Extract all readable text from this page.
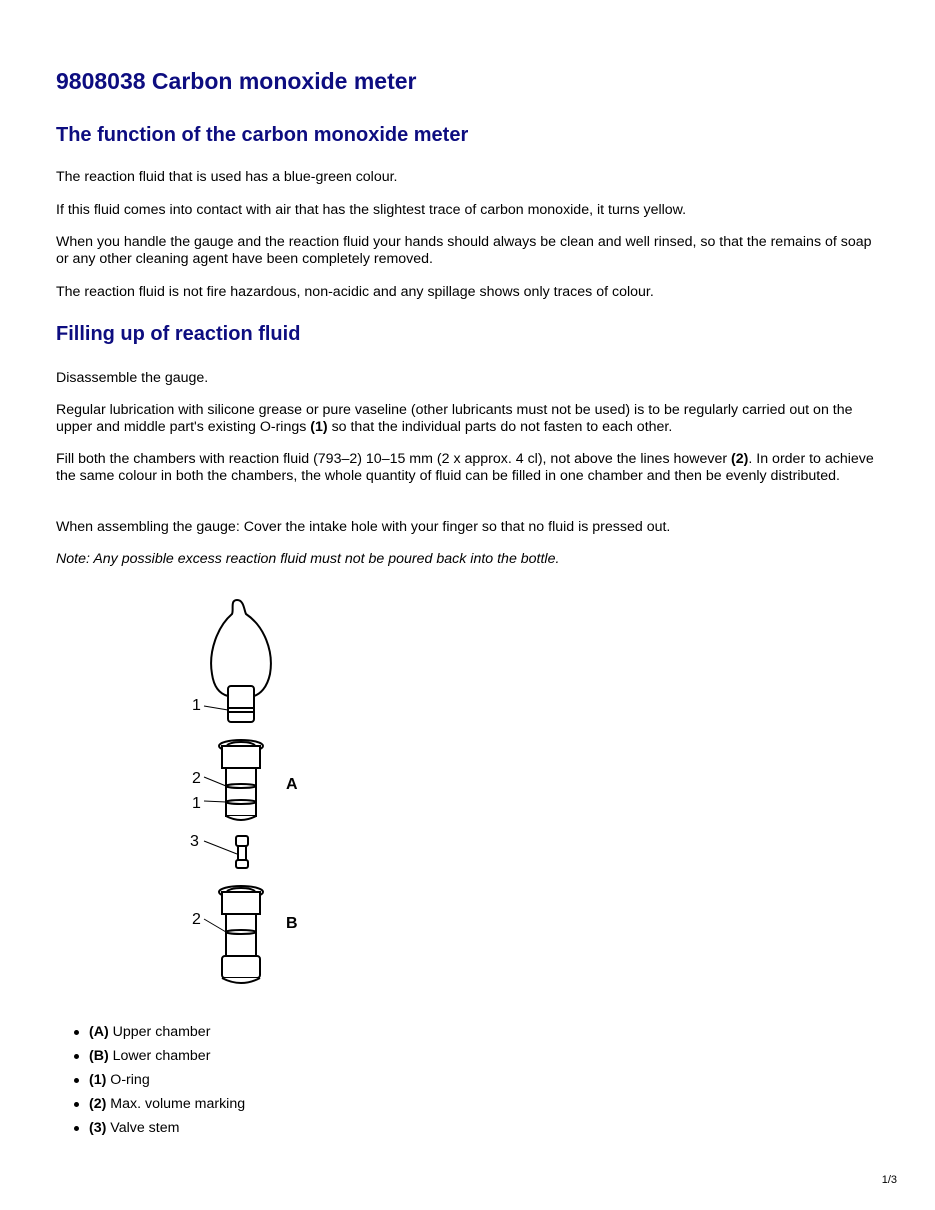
9808038 Carbon monoxide meter
The function of the carbon monoxide meter

The reaction fluid that is used has a blue-green colour.

If this fluid comes into contact with air that has the slightest trace of carbon monoxide, it turns yellow.

When you handle the gauge and the reaction fluid your hands should always be clean and well rinsed, so that the remains of soap or any other cleaning agent have been completely removed.

The reaction fluid is not fire hazardous, non-acidic and any spillage shows only traces of colour.

Filling up of reaction fluid

Disassemble the gauge.

Regular lubrication with silicone grease or pure vaseline (other lubricants must not be used) is to be regularly carried out on the upper and middle part's existing O-rings (1) so that the individual parts do not fasten to each other.

Fill both the chambers with reaction fluid (793–2) 10–15 mm (2 x approx. 4 cl), not above the lines however (2). In order to achieve the same colour in both the chambers, the whole quantity of fluid can be filled in one chamber and then be evenly distributed.

When assembling the gauge: Cover the intake hole with your finger so that no fluid is pressed out.

Note: Any possible excess reaction fluid must not be poured back into the bottle.

1
2
1
3
2
A
B
(A) Upper chamber
(B) Lower chamber
(1) O-ring
(2) Max. volume marking
(3) Valve stem
1/3
